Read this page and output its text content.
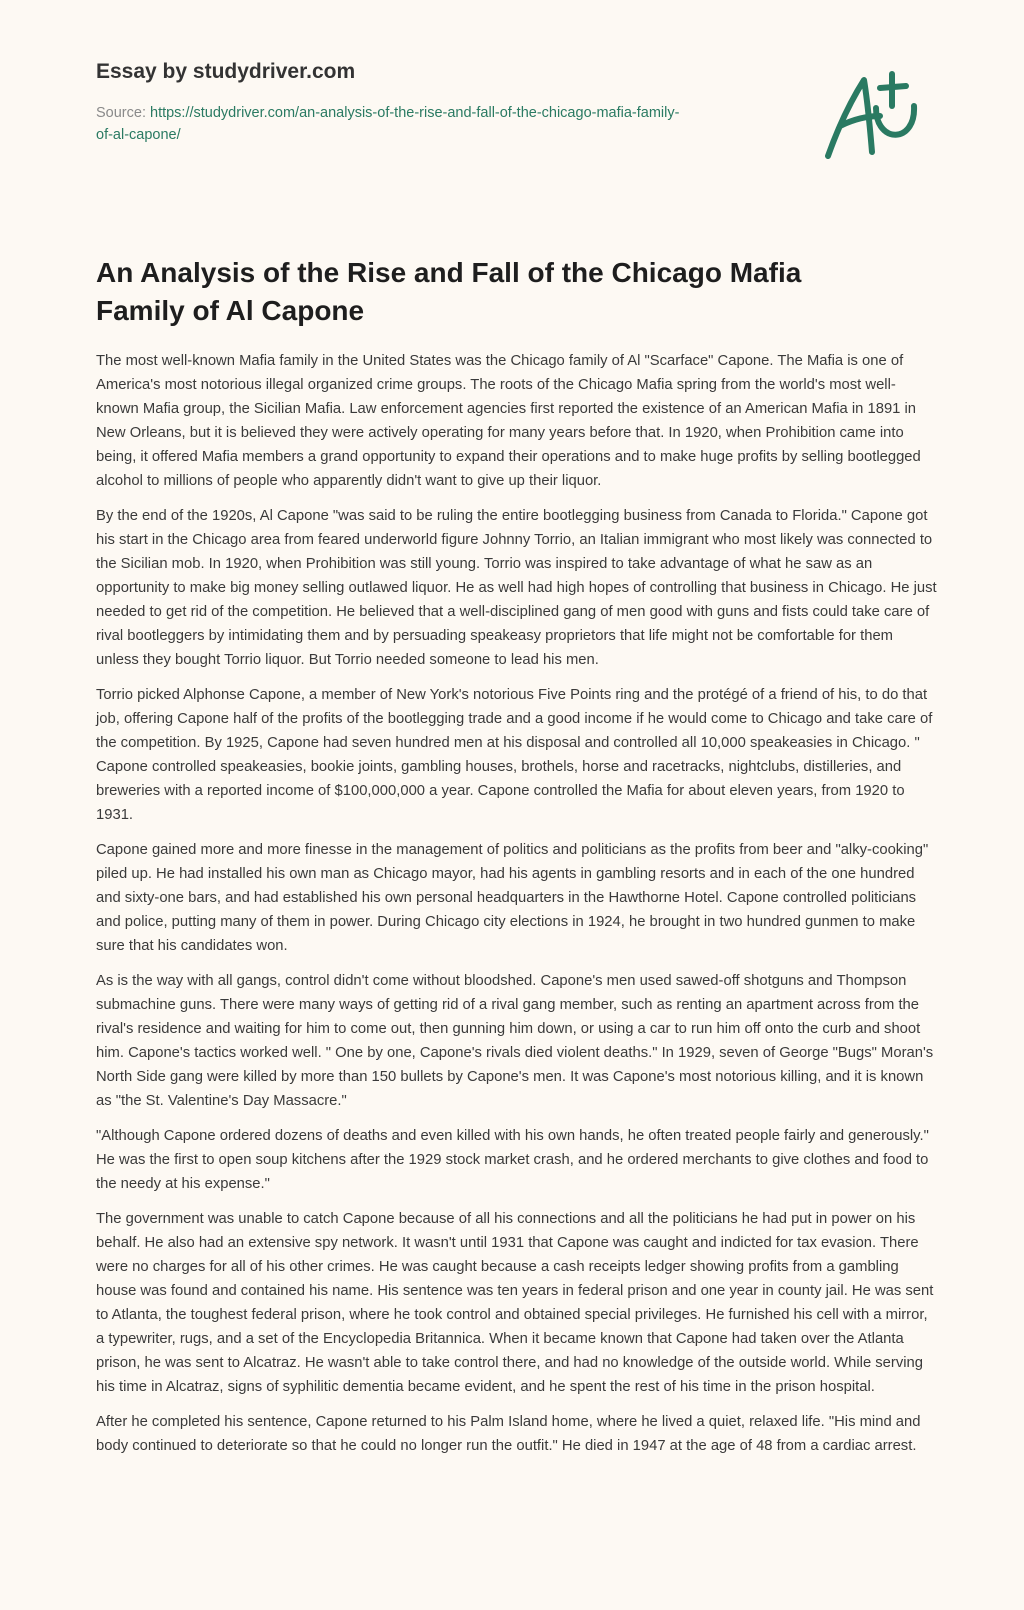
Essay by studydriver.com
Source: https://studydriver.com/an-analysis-of-the-rise-and-fall-of-the-chicago-mafia-family-
of-al-capone/
An Analysis of the Rise and Fall of the Chicago Mafia Family of Al Capone

The most well-known Mafia family in the United States was the Chicago family of Al "Scarface" Capone. The Mafia is one of America's most notorious illegal organized crime groups. The roots of the Chicago Mafia spring from the world's most well-known Mafia group, the Sicilian Mafia. Law enforcement agencies first reported the existence of an American Mafia in 1891 in New Orleans, but it is believed they were actively operating for many years before that. In 1920, when Prohibition came into being, it offered Mafia members a grand opportunity to expand their operations and to make huge profits by selling bootlegged alcohol to millions of people who apparently didn't want to give up their liquor.

By the end of the 1920s, Al Capone "was said to be ruling the entire bootlegging business from Canada to Florida." Capone got his start in the Chicago area from feared underworld figure Johnny Torrio, an Italian immigrant who most likely was connected to the Sicilian mob. In 1920, when Prohibition was still young. Torrio was inspired to take advantage of what he saw as an opportunity to make big money selling outlawed liquor. He as well had high hopes of controlling that business in Chicago. He just needed to get rid of the competition. He believed that a well-disciplined gang of men good with guns and fists could take care of rival bootleggers by intimidating them and by persuading speakeasy proprietors that life might not be comfortable for them unless they bought Torrio liquor. But Torrio needed someone to lead his men.

Torrio picked Alphonse Capone, a member of New York's notorious Five Points ring and the protégé of a friend of his, to do that job, offering Capone half of the profits of the bootlegging trade and a good income if he would come to Chicago and take care of the competition. By 1925, Capone had seven hundred men at his disposal and controlled all 10,000 speakeasies in Chicago. " Capone controlled speakeasies, bookie joints, gambling houses, brothels, horse and racetracks, nightclubs, distilleries, and breweries with a reported income of $100,000,000 a year. Capone controlled the Mafia for about eleven years, from 1920 to 1931.

Capone gained more and more finesse in the management of politics and politicians as the profits from beer and "alky-cooking" piled up. He had installed his own man as Chicago mayor, had his agents in gambling resorts and in each of the one hundred and sixty-one bars, and had established his own personal headquarters in the Hawthorne Hotel. Capone controlled politicians and police, putting many of them in power. During Chicago city elections in 1924, he brought in two hundred gunmen to make sure that his candidates won.

As is the way with all gangs, control didn't come without bloodshed. Capone's men used sawed-off shotguns and Thompson submachine guns. There were many ways of getting rid of a rival gang member, such as renting an apartment across from the rival's residence and waiting for him to come out, then gunning him down, or using a car to run him off onto the curb and shoot him. Capone's tactics worked well. " One by one, Capone's rivals died violent deaths." In 1929, seven of George "Bugs" Moran's North Side gang were killed by more than 150 bullets by Capone's men. It was Capone's most notorious killing, and it is known as "the St. Valentine's Day Massacre."

"Although Capone ordered dozens of deaths and even killed with his own hands, he often treated people fairly and generously." He was the first to open soup kitchens after the 1929 stock market crash, and he ordered merchants to give clothes and food to the needy at his expense."

The government was unable to catch Capone because of all his connections and all the politicians he had put in power on his behalf. He also had an extensive spy network. It wasn't until 1931 that Capone was caught and indicted for tax evasion. There were no charges for all of his other crimes. He was caught because a cash receipts ledger showing profits from a gambling house was found and contained his name. His sentence was ten years in federal prison and one year in county jail. He was sent to Atlanta, the toughest federal prison, where he took control and obtained special privileges. He furnished his cell with a mirror, a typewriter, rugs, and a set of the Encyclopedia Britannica. When it became known that Capone had taken over the Atlanta prison, he was sent to Alcatraz. He wasn't able to take control there, and had no knowledge of the outside world. While serving his time in Alcatraz, signs of syphilitic dementia became evident, and he spent the rest of his time in the prison hospital.

After he completed his sentence, Capone returned to his Palm Island home, where he lived a quiet, relaxed life. "His mind and body continued to deteriorate so that he could no longer run the outfit." He died in 1947 at the age of 48 from a cardiac arrest.
